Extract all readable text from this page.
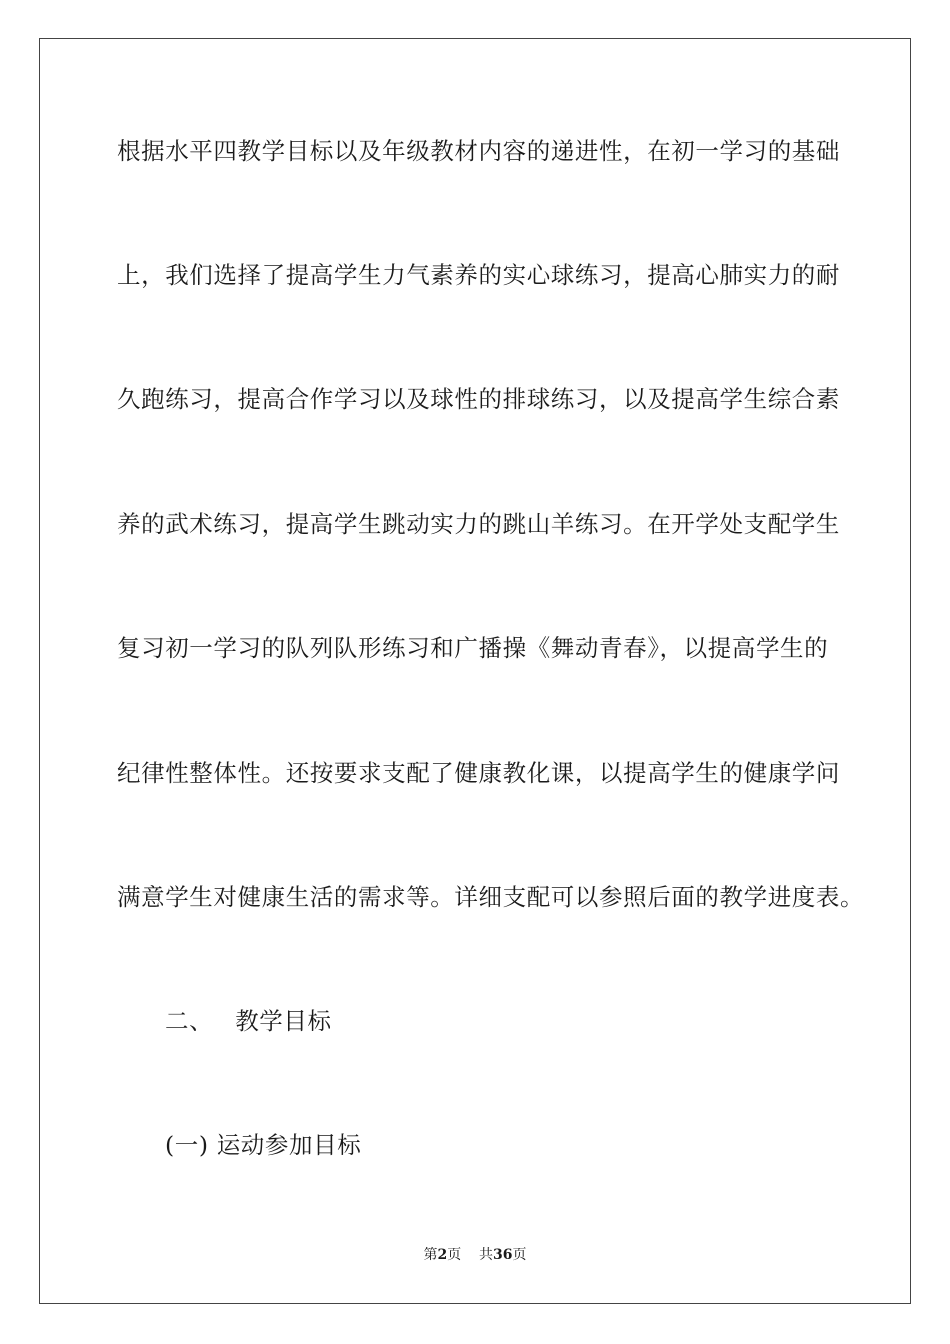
根据水平四教学目标以及年级教材内容的递进性，在初一学习的基础
上，我们选择了提高学生力气素养的实心球练习，提高心肺实力的耐
久跑练习，提高合作学习以及球性的排球练习，以及提高学生综合素
养的武术练习，提高学生跳动实力的跳山羊练习。在开学处支配学生
复习初一学习的队列队形练习和广播操《舞动青春》，以提高学生的
纪律性整体性。还按要求支配了健康教化课，以提高学生的健康学问
满意学生对健康生活的需求等。详细支配可以参照后面的教学进度表。
二、 教学目标
(一) 运动参加目标
第2页    共36页
